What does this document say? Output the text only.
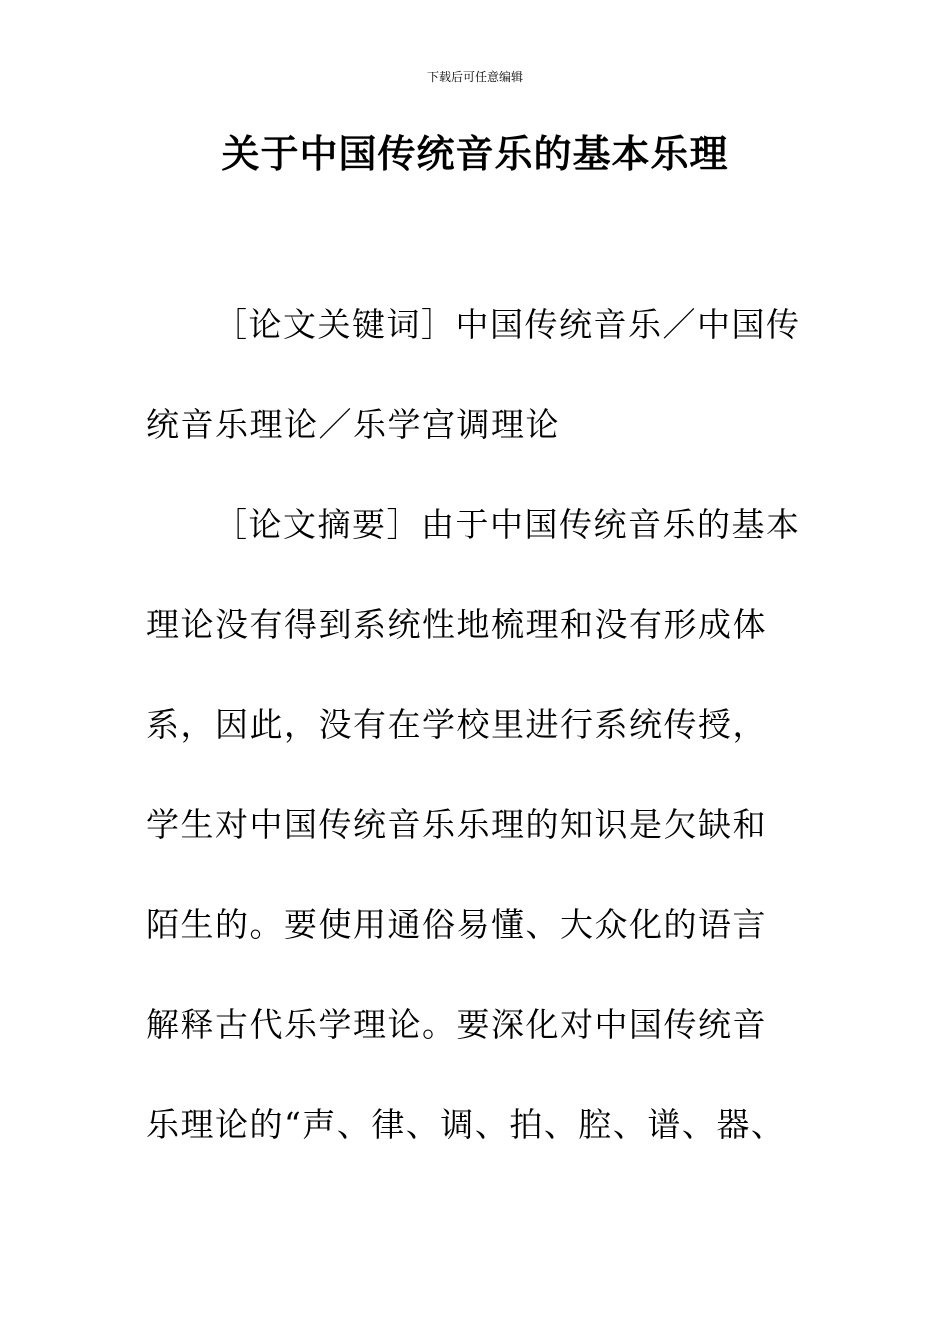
下载后可任意编辑
关于中国传统音乐的基本乐理
［论文关键词］中国传统音乐／中国传
统音乐理论／乐学宫调理论
［论文摘要］由于中国传统音乐的基本
理论没有得到系统性地梳理和没有形成体
系，因此，没有在学校里进行系统传授，
学生对中国传统音乐乐理的知识是欠缺和
陌生的。要使用通俗易懂、大众化的语言
解释古代乐学理论。要深化对中国传统音
乐理论的“声、律、调、拍、腔、谱、器、
